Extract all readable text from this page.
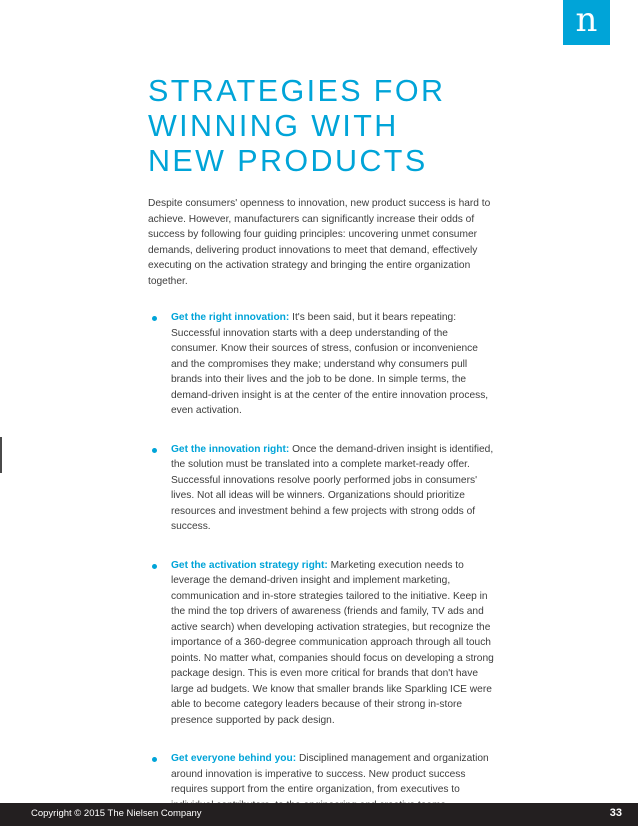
n
STRATEGIES FOR
WINNING WITH
NEW PRODUCTS

Despite consumers' openness to innovation, new product success is hard to achieve. However, manufacturers can significantly increase their odds of success by following four guiding principles: uncovering unmet consumer demands, delivering product innovations to meet that demand, effectively executing on the activation strategy and bringing the entire organization together.

Get the right innovation: It's been said, but it bears repeating: Successful innovation starts with a deep understanding of the consumer. Know their sources of stress, confusion or inconvenience and the compromises they make; understand why consumers pull brands into their lives and the job to be done. In simple terms, the demand-driven insight is at the center of the entire innovation process, even activation.
Get the innovation right: Once the demand-driven insight is identified, the solution must be translated into a complete market-ready offer. Successful innovations resolve poorly performed jobs in consumers' lives. Not all ideas will be winners. Organizations should prioritize resources and investment behind a few projects with strong odds of success.
Get the activation strategy right: Marketing execution needs to leverage the demand-driven insight and implement marketing, communication and in-store strategies tailored to the initiative. Keep in the mind the top drivers of awareness (friends and family, TV ads and active search) when developing activation strategies, but recognize the importance of a 360-degree communication approach through all touch points. No matter what, companies should focus on developing a strong package design. This is even more critical for brands that don't have large ad budgets. We know that smaller brands like Sparkling ICE were able to become category leaders because of their strong in-store presence supported by pack design.
Get everyone behind you: Disciplined management and organization around innovation is imperative to success. New product success requires support from the entire organization, from executives to
Copyright © 2015 The Nielsen Company	33
